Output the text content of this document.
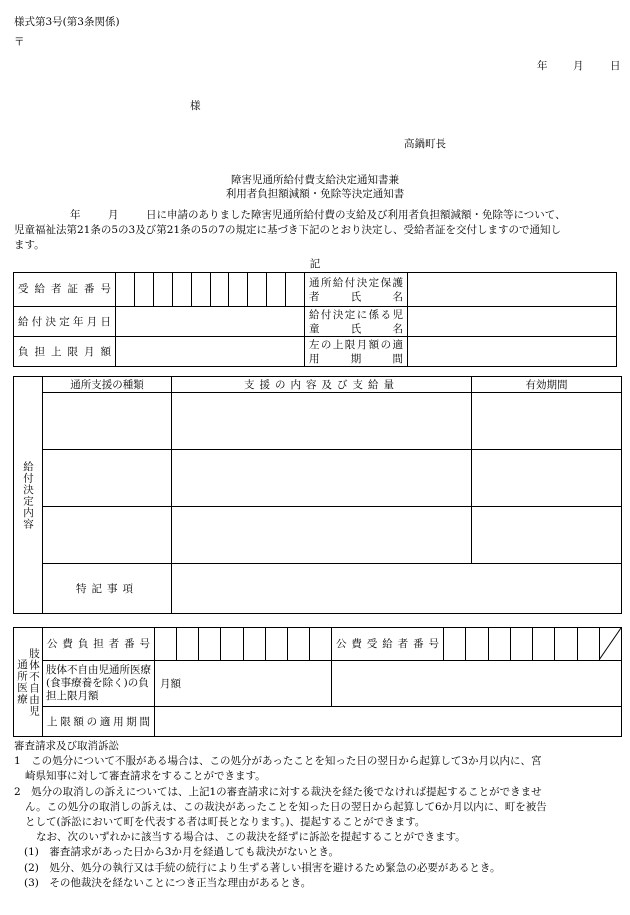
様式第3号(第3条関係)
〒
年 月	日
様
高鍋町長
障害児通所給付費支給決定通知書兼
利用者負担額減額・免除等決定通知書
年	月	日に申請のありました障害児通所給付費の支給及び利用者負担額減額・免除等について、
児童福祉法第21条の5の3及び第21条の5の7の規定に基づき下記のとおり決定し、受給者証を交付しますので通知し
ます。
記
受給者証番号		通所給付決定保護者氏名	

給付決定年月日		給付決定に係る児童氏名	

負担上限月額		左の上限月額の適用期間	

給付決定内容	通所支援の種類	支援の内容及び支給量	有効期間

	特記事項		
肢体不自由児通所医療	公費負担者番号		公費受給者番号

	肢体不自由児通所医療(食事療養を除く)の負担上限月額	月額		

	上限額の適用期間			

審査請求及び取消訴訟
1　この処分について不服がある場合は、この処分があったことを知った日の翌日から起算して3か月以内に、宮
崎県知事に対して審査請求をすることができます。
2　処分の取消しの訴えについては、上記1の審査請求に対する裁決を経た後でなければ提起することができませ
ん。この処分の取消しの訴えは、この裁決があったことを知った日の翌日から起算して6か月以内に、町を被告
として(訴訟において町を代表する者は町長となります。)、提起することができます。
なお、次のいずれかに該当する場合は、この裁決を経ずに訴訟を提起することができます。
(1)　審査請求があった日から3か月を経過しても裁決がないとき。
(2)　処分、処分の執行又は手続の続行により生ずる著しい損害を避けるため緊急の必要があるとき。
(3)　その他裁決を経ないことにつき正当な理由があるとき。
